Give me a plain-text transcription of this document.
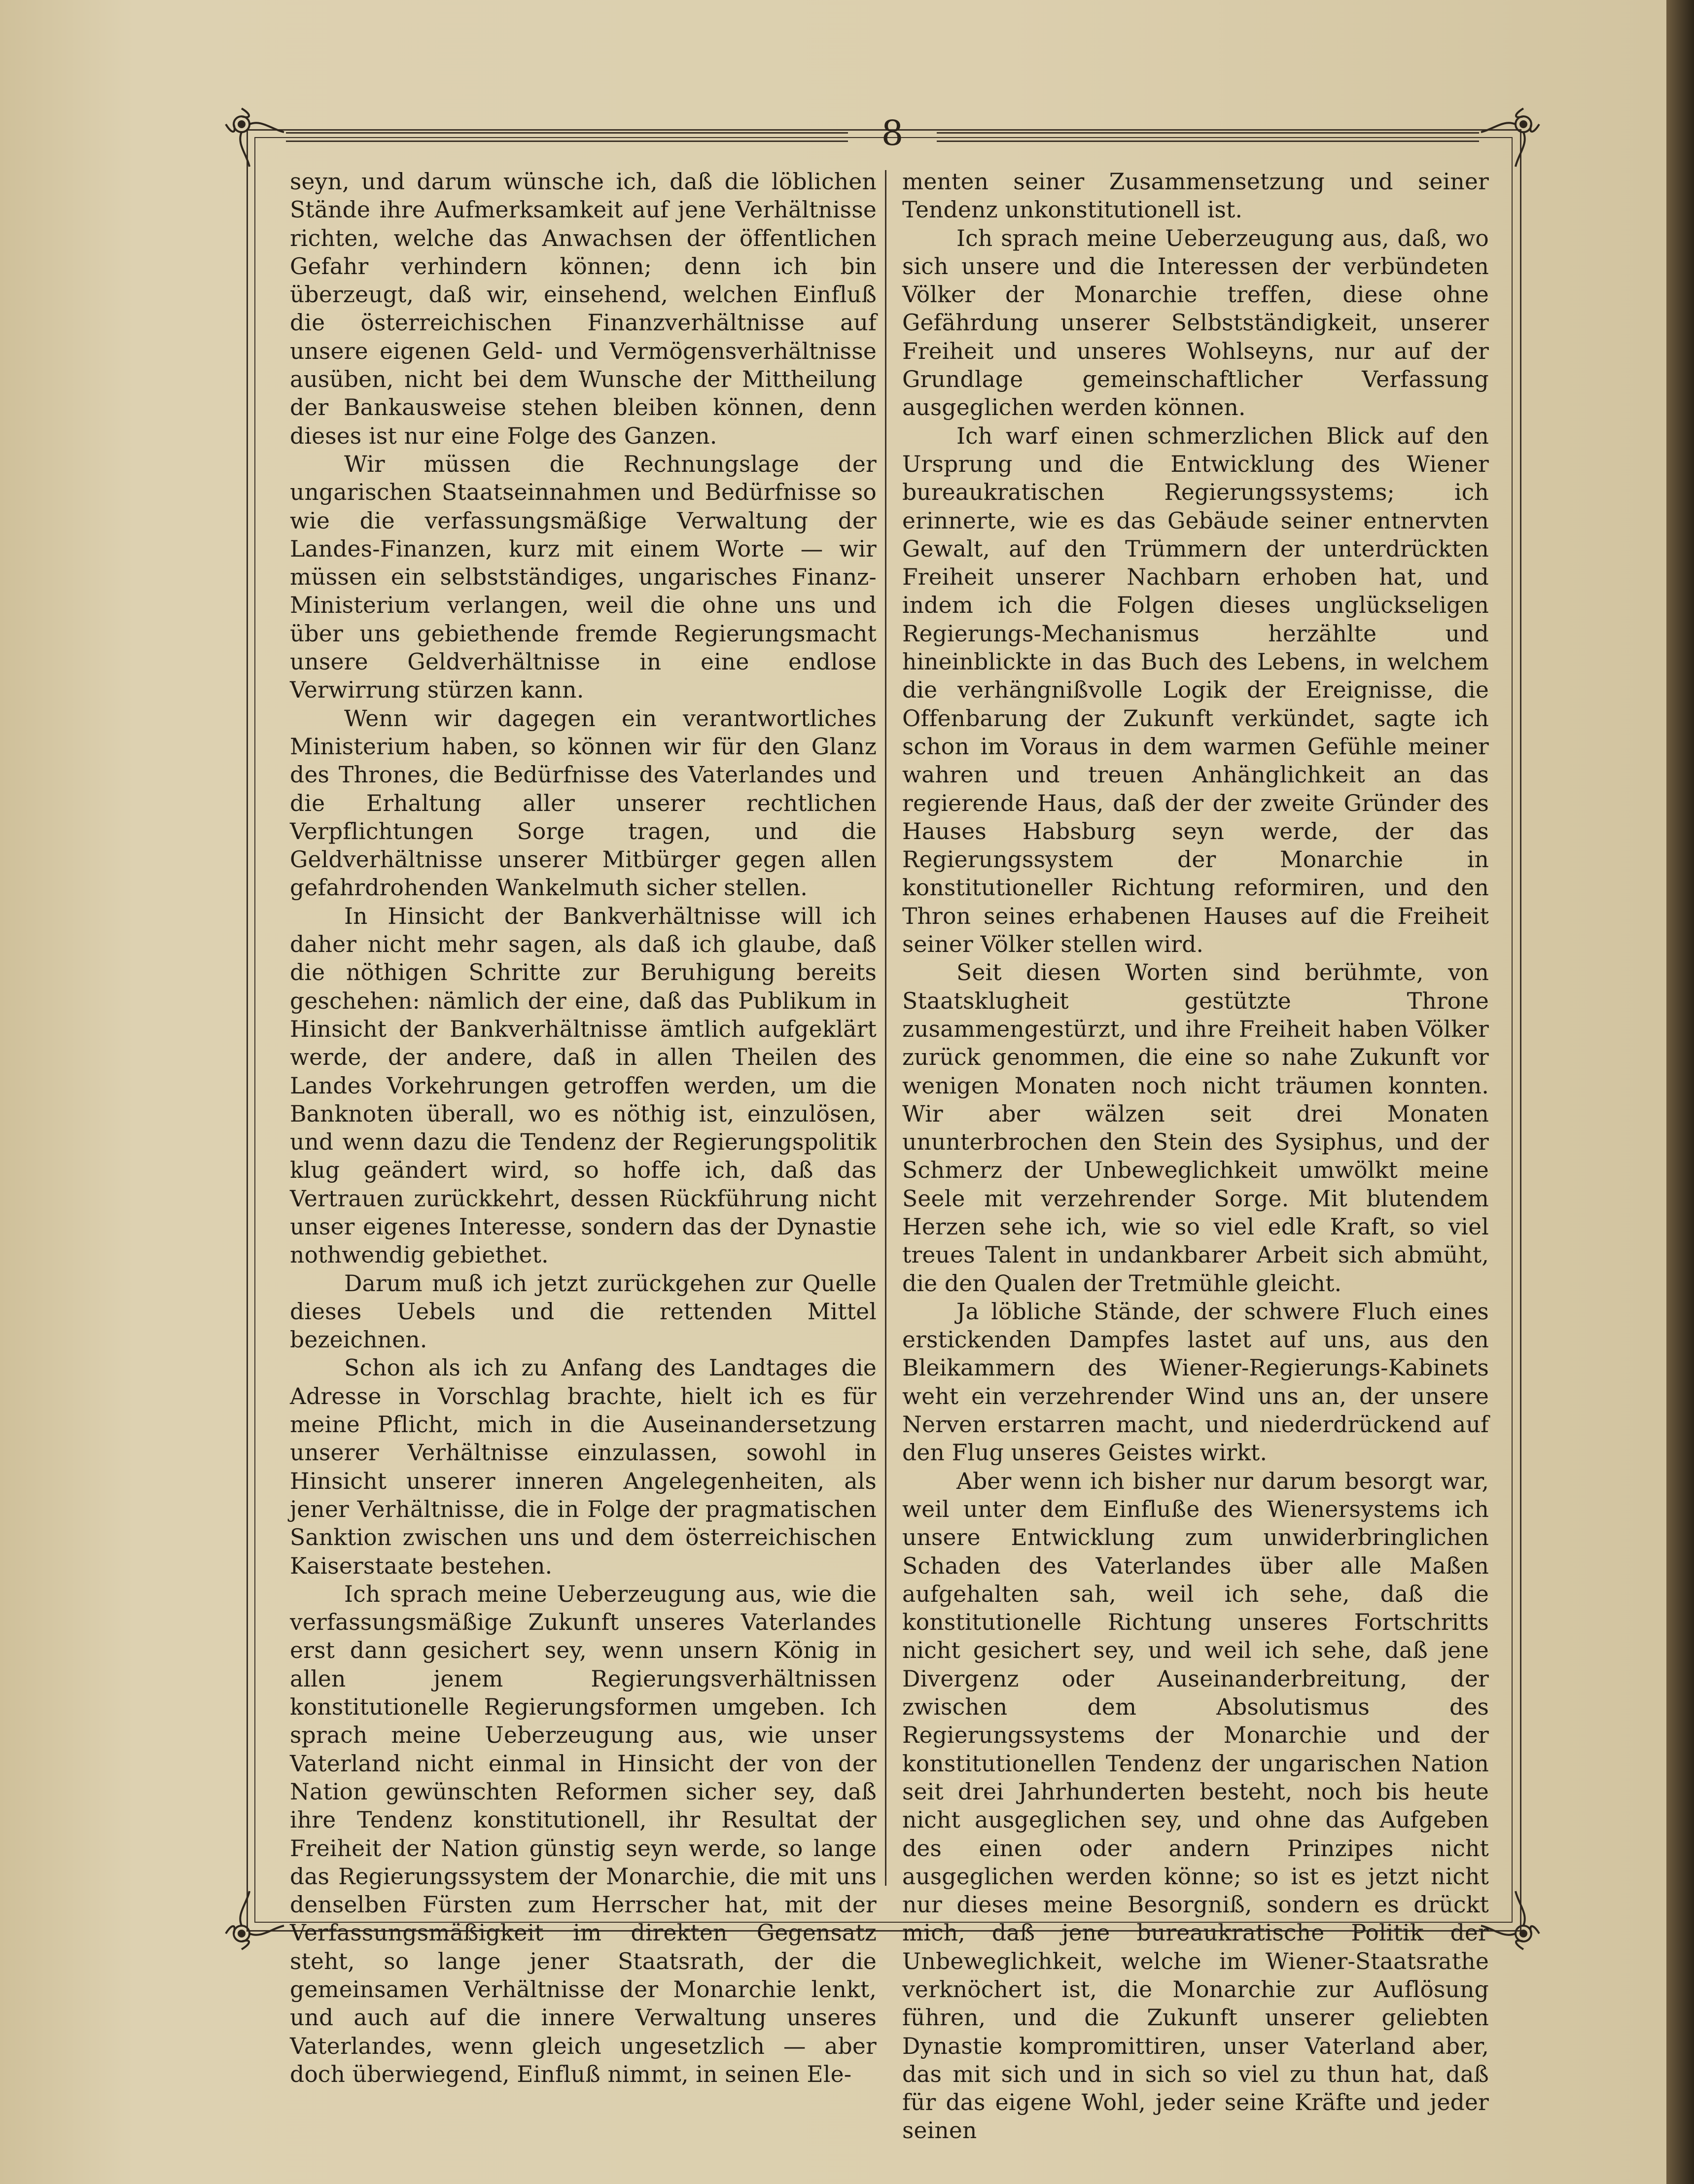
8

seyn, und darum wünsche ich, daß die löblichen Stände ihre Aufmerksamkeit auf jene Verhältnisse richten, welche das Anwachsen der öffentlichen Gefahr verhindern können; denn ich bin überzeugt, daß wir, einsehend, welchen Einfluß die österreichischen Finanzverhältnisse auf unsere eigenen Geld- und Vermögensverhältnisse ausüben, nicht bei dem Wunsche der Mittheilung der Bankausweise stehen bleiben können, denn dieses ist nur eine Folge des Ganzen.

Wir müssen die Rechnungslage der ungarischen Staatseinnahmen und Bedürfnisse so wie die verfassungsmäßige Verwaltung der Landes-Finanzen, kurz mit einem Worte — wir müssen ein selbstständiges, ungarisches Finanz-Ministerium verlangen, weil die ohne uns und über uns gebiethende fremde Regierungsmacht unsere Geldverhältnisse in eine endlose Verwirrung stürzen kann.

Wenn wir dagegen ein verantwortliches Ministerium haben, so können wir für den Glanz des Thrones, die Bedürfnisse des Vaterlandes und die Erhaltung aller unserer rechtlichen Verpflichtungen Sorge tragen, und die Geldverhältnisse unserer Mitbürger gegen allen gefahrdrohenden Wankelmuth sicher stellen.

In Hinsicht der Bankverhältnisse will ich daher nicht mehr sagen, als daß ich glaube, daß die nöthigen Schritte zur Beruhigung bereits geschehen: nämlich der eine, daß das Publikum in Hinsicht der Bankverhältnisse ämtlich aufgeklärt werde, der andere, daß in allen Theilen des Landes Vorkehrungen getroffen werden, um die Banknoten überall, wo es nöthig ist, einzulösen, und wenn dazu die Tendenz der Regierungspolitik klug geändert wird, so hoffe ich, daß das Vertrauen zurückkehrt, dessen Rückführung nicht unser eigenes Interesse, sondern das der Dynastie nothwendig gebiethet.

Darum muß ich jetzt zurückgehen zur Quelle dieses Uebels und die rettenden Mittel bezeichnen.

Schon als ich zu Anfang des Landtages die Adresse in Vorschlag brachte, hielt ich es für meine Pflicht, mich in die Auseinandersetzung unserer Verhältnisse einzulassen, sowohl in Hinsicht unserer inneren Angelegenheiten, als jener Verhältnisse, die in Folge der pragmatischen Sanktion zwischen uns und dem österreichischen Kaiserstaate bestehen.

Ich sprach meine Ueberzeugung aus, wie die verfassungsmäßige Zukunft unseres Vaterlandes erst dann gesichert sey, wenn unsern König in allen jenem Regierungsverhältnissen konstitutionelle Regierungsformen umgeben. Ich sprach meine Ueberzeugung aus, wie unser Vaterland nicht einmal in Hinsicht der von der Nation gewünschten Reformen sicher sey, daß ihre Tendenz konstitutionell, ihr Resultat der Freiheit der Nation günstig seyn werde, so lange das Regierungssystem der Monarchie, die mit uns denselben Fürsten zum Herrscher hat, mit der Verfassungsmäßigkeit im direkten Gegensatz steht, so lange jener Staatsrath, der die gemeinsamen Verhältnisse der Monarchie lenkt, und auch auf die innere Verwaltung unseres Vaterlandes, wenn gleich ungesetzlich — aber doch überwiegend, Einfluß nimmt, in seinen Ele-

menten seiner Zusammensetzung und seiner Tendenz unkonstitutionell ist.

Ich sprach meine Ueberzeugung aus, daß, wo sich unsere und die Interessen der verbündeten Völker der Monarchie treffen, diese ohne Gefährdung unserer Selbstständigkeit, unserer Freiheit und unseres Wohlseyns, nur auf der Grundlage gemeinschaftlicher Verfassung ausgeglichen werden können.

Ich warf einen schmerzlichen Blick auf den Ursprung und die Entwicklung des Wiener bureaukratischen Regierungssystems; ich erinnerte, wie es das Gebäude seiner entnervten Gewalt, auf den Trümmern der unterdrückten Freiheit unserer Nachbarn erhoben hat, und indem ich die Folgen dieses unglückseligen Regierungs-Mechanismus herzählte und hineinblickte in das Buch des Lebens, in welchem die verhängnißvolle Logik der Ereignisse, die Offenbarung der Zukunft verkündet, sagte ich schon im Voraus in dem warmen Gefühle meiner wahren und treuen Anhänglichkeit an das regierende Haus, daß der der zweite Gründer des Hauses Habsburg seyn werde, der das Regierungssystem der Monarchie in konstitutioneller Richtung reformiren, und den Thron seines erhabenen Hauses auf die Freiheit seiner Völker stellen wird.

Seit diesen Worten sind berühmte, von Staatsklugheit gestützte Throne zusammengestürzt, und ihre Freiheit haben Völker zurück genommen, die eine so nahe Zukunft vor wenigen Monaten noch nicht träumen konnten. Wir aber wälzen seit drei Monaten ununterbrochen den Stein des Sysiphus, und der Schmerz der Unbeweglichkeit umwölkt meine Seele mit verzehrender Sorge. Mit blutendem Herzen sehe ich, wie so viel edle Kraft, so viel treues Talent in undankbarer Arbeit sich abmüht, die den Qualen der Tretmühle gleicht.

Ja löbliche Stände, der schwere Fluch eines erstickenden Dampfes lastet auf uns, aus den Bleikammern des Wiener-Regierungs-Kabinets weht ein verzehrender Wind uns an, der unsere Nerven erstarren macht, und niederdrückend auf den Flug unseres Geistes wirkt.

Aber wenn ich bisher nur darum besorgt war, weil unter dem Einfluße des Wienersystems ich unsere Entwicklung zum unwiderbringlichen Schaden des Vaterlandes über alle Maßen aufgehalten sah, weil ich sehe, daß die konstitutionelle Richtung unseres Fortschritts nicht gesichert sey, und weil ich sehe, daß jene Divergenz oder Auseinanderbreitung, der zwischen dem Absolutismus des Regierungssystems der Monarchie und der konstitutionellen Tendenz der ungarischen Nation seit drei Jahrhunderten besteht, noch bis heute nicht ausgeglichen sey, und ohne das Aufgeben des einen oder andern Prinzipes nicht ausgeglichen werden könne; so ist es jetzt nicht nur dieses meine Besorgniß, sondern es drückt mich, daß jene bureaukratische Politik der Unbeweglichkeit, welche im Wiener-Staatsrathe verknöchert ist, die Monarchie zur Auflösung führen, und die Zukunft unserer geliebten Dynastie kompromittiren, unser Vaterland aber, das mit sich und in sich so viel zu thun hat, daß für das eigene Wohl, jeder seine Kräfte und jeder seinen
